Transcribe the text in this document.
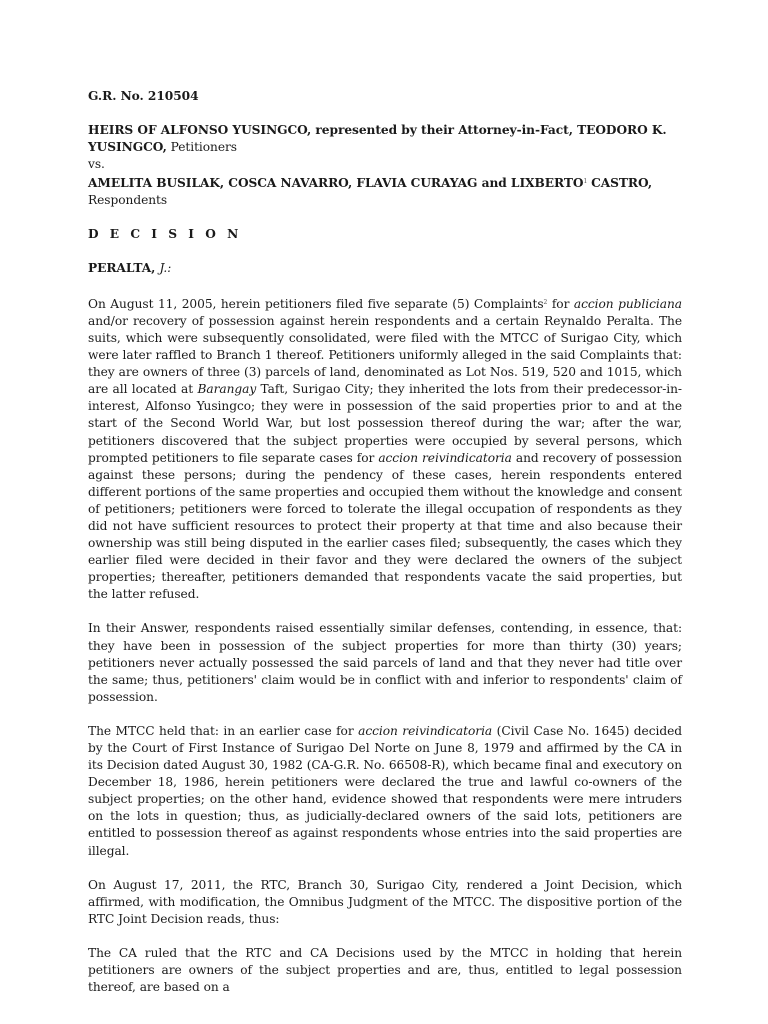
G.R. No. 210504
HEIRS OF ALFONSO YUSINGCO, represented by their Attorney-in-Fact, TEODORO K. YUSINGCO, Petitioners
vs.
AMELITA BUSILAK, COSCA NAVARRO, FLAVIA CURAYAG and LIXBERTO$^1$ CASTRO,
Respondents
D E C I S I O N
PERALTA, J.:

On August 11, 2005, herein petitioners filed five separate (5) Complaints$^2$ for accion publiciana and/or recovery of possession against herein respondents and a certain Reynaldo Peralta. The suits, which were subsequently consolidated, were filed with the MTCC of Surigao City, which were later raffled to Branch 1 thereof. Petitioners uniformly alleged in the said Complaints that: they are owners of three (3) parcels of land, denominated as Lot Nos. 519, 520 and 1015, which are all located at Barangay Taft, Surigao City; they inherited the lots from their predecessor-in-interest, Alfonso Yusingco; they were in possession of the said properties prior to and at the start of the Second World War, but lost possession thereof during the war; after the war, petitioners discovered that the subject properties were occupied by several persons, which prompted petitioners to file separate cases for accion reivindicatoria and recovery of possession against these persons; during the pendency of these cases, herein respondents entered different portions of the same properties and occupied them without the knowledge and consent of petitioners; petitioners were forced to tolerate the illegal occupation of respondents as they did not have sufficient resources to protect their property at that time and also because their ownership was still being disputed in the earlier cases filed; subsequently, the cases which they earlier filed were decided in their favor and they were declared the owners of the subject properties; thereafter, petitioners demanded that respondents vacate the said properties, but the latter refused.

In their Answer, respondents raised essentially similar defenses, contending, in essence, that: they have been in possession of the subject properties for more than thirty (30) years; petitioners never actually possessed the said parcels of land and that they never had title over the same; thus, petitioners' claim would be in conflict with and inferior to respondents' claim of possession.

The MTCC held that: in an earlier case for accion reivindicatoria (Civil Case No. 1645) decided by the Court of First Instance of Surigao Del Norte on June 8, 1979 and affirmed by the CA in its Decision dated August 30, 1982 (CA-G.R. No. 66508-R), which became final and executory on December 18, 1986, herein petitioners were declared the true and lawful co-owners of the subject properties; on the other hand, evidence showed that respondents were mere intruders on the lots in question; thus, as judicially-declared owners of the said lots, petitioners are entitled to possession thereof as against respondents whose entries into the said properties are illegal.

On August 17, 2011, the RTC, Branch 30, Surigao City, rendered a Joint Decision, which affirmed, with modification, the Omnibus Judgment of the MTCC. The dispositive portion of the RTC Joint Decision reads, thus:

The CA ruled that the RTC and CA Decisions used by the MTCC in holding that herein petitioners are owners of the subject properties and are, thus, entitled to legal possession thereof, are based on a
